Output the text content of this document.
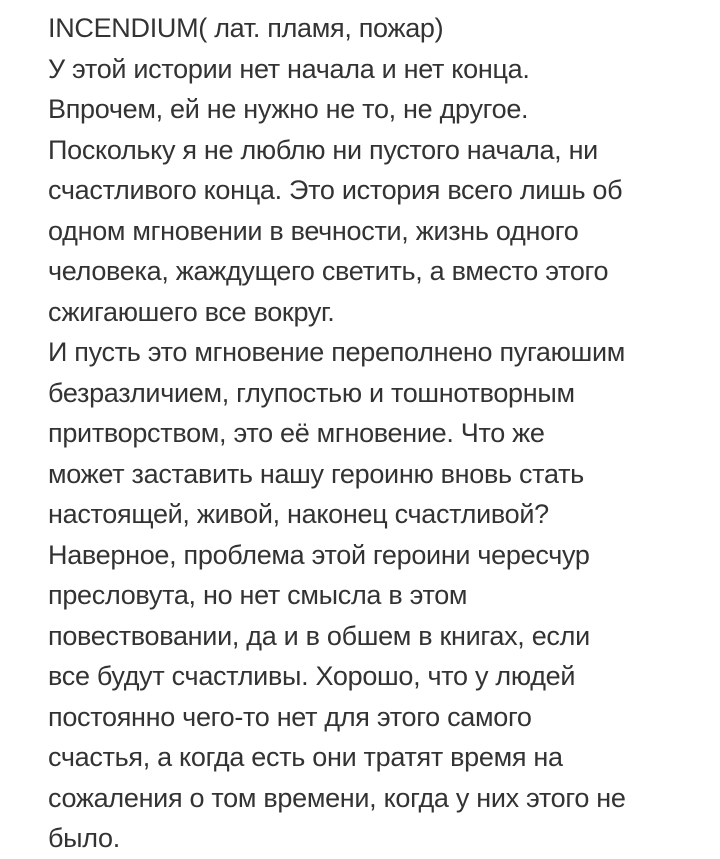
INCENDIUM( лат. пламя, пожар)
У этой истории нет начала и нет конца.
Впрочем, ей не нужно не то, не другое.
Поскольку я не люблю ни пустого начала, ни
счастливого конца. Это история всего лишь об
одном мгновении в вечности, жизнь одного
человека, жаждущего светить, а вместо этого
сжигаюшего все вокруг.
И пусть это мгновение переполнено пугаюшим
безразличием, глупостью и тошнотворным
притворством, это её мгновение. Что же
может заставить нашу героиню вновь стать
настоящей, живой, наконец счастливой?
Наверное, проблема этой героини чересчур
пресловута, но нет смысла в этом
повествовании, да и в обшем в книгах, если
все будут счастливы. Хорошо, что у людей
постоянно чего-то нет для этого самого
счастья, а когда есть они тратят время на
сожаления о том времени, когда у них этого не
было.
